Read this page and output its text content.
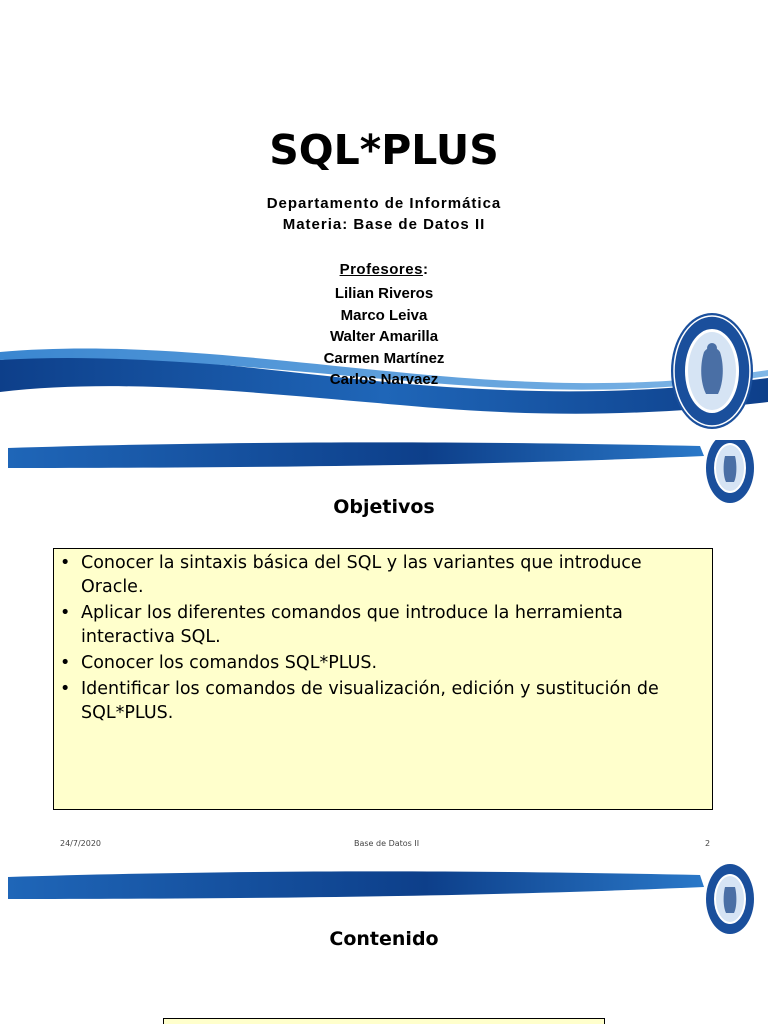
SQL*PLUS
Departamento de Informática
Materia: Base de Datos II
Profesores:
Lilian Riveros
Marco Leiva
Walter Amarilla
Carmen Martínez
Carlos Narvaez
Objetivos
• Conocer la sintaxis básica del SQL y las variantes que introduce Oracle.
• Aplicar los diferentes comandos que introduce la herramienta interactiva SQL.
• Conocer los comandos SQL*PLUS.
• Identificar los comandos de visualización, edición y sustitución de SQL*PLUS.
24/7/2020	Base de Datos II	2
Contenido
